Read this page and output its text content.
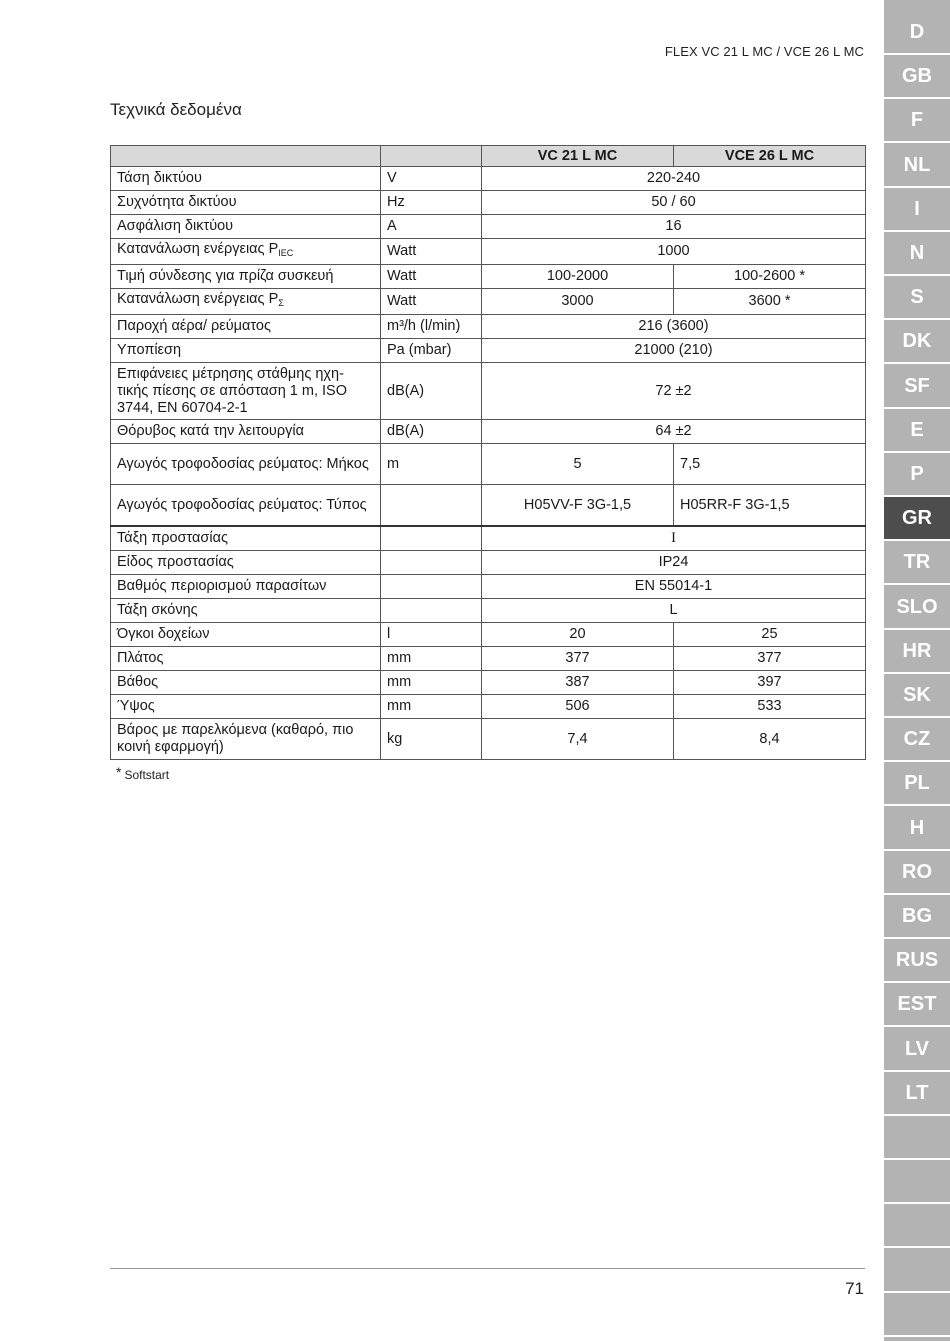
FLEX VC 21 L MC / VCE 26 L MC
Τεχνικά δεδομένα
		VC 21 L MC	VCE 26 L MC
Τάση δικτύου	V	220-240	
Συχνότητα δικτύου	Hz	50 / 60	
Ασφάλιση δικτύου	A	16	
Κατανάλωση ενέργειας $P_{IEC}$	Watt	1000	
Τιμή σύνδεσης για πρίζα συσκευή	Watt	100-2000	100-2600 *
Κατανάλωση ενέργειας $P_\Sigma$	Watt	3000	3600 *
Παροχή αέρα/ ρεύματος	m³/h (l/min)	216 (3600)	
Υποπίεση	Pa (mbar)	21000 (210)	
Επιφάνειες μέτρησης στάθμης ηχη-τικής πίεσης σε απόσταση 1 m, ISO 3744, EN 60704-2-1	dB(A)	72 ±2	
Θόρυβος κατά την λειτουργία	dB(A)	64 ±2	
Αγωγός τροφοδοσίας ρεύματος: Μήκος	m	5	7,5
Αγωγός τροφοδοσίας ρεύματος: Τύπος		H05VV-F 3G-1,5	H05RR-F 3G-1,5
Τάξη προστασίας		I	
Είδος προστασίας		IP24	
Βαθμός περιορισμού παρασίτων		EN 55014-1	
Τάξη σκόνης		L	
Όγκοι δοχείων	l	20	25
Πλάτος	mm	377	377
Βάθος	mm	387	397
Ύψος	mm	506	533
Βάρος με παρελκόμενα (καθαρό, πιο κοινή εφαρμογή)	kg	7,4	8,4
* Softstart
71
D
GB
F
NL
I
N
S
DK
SF
E
P
GR
TR
SLO
HR
SK
CZ
PL
H
RO
BG
RUS
EST
LV
LT
